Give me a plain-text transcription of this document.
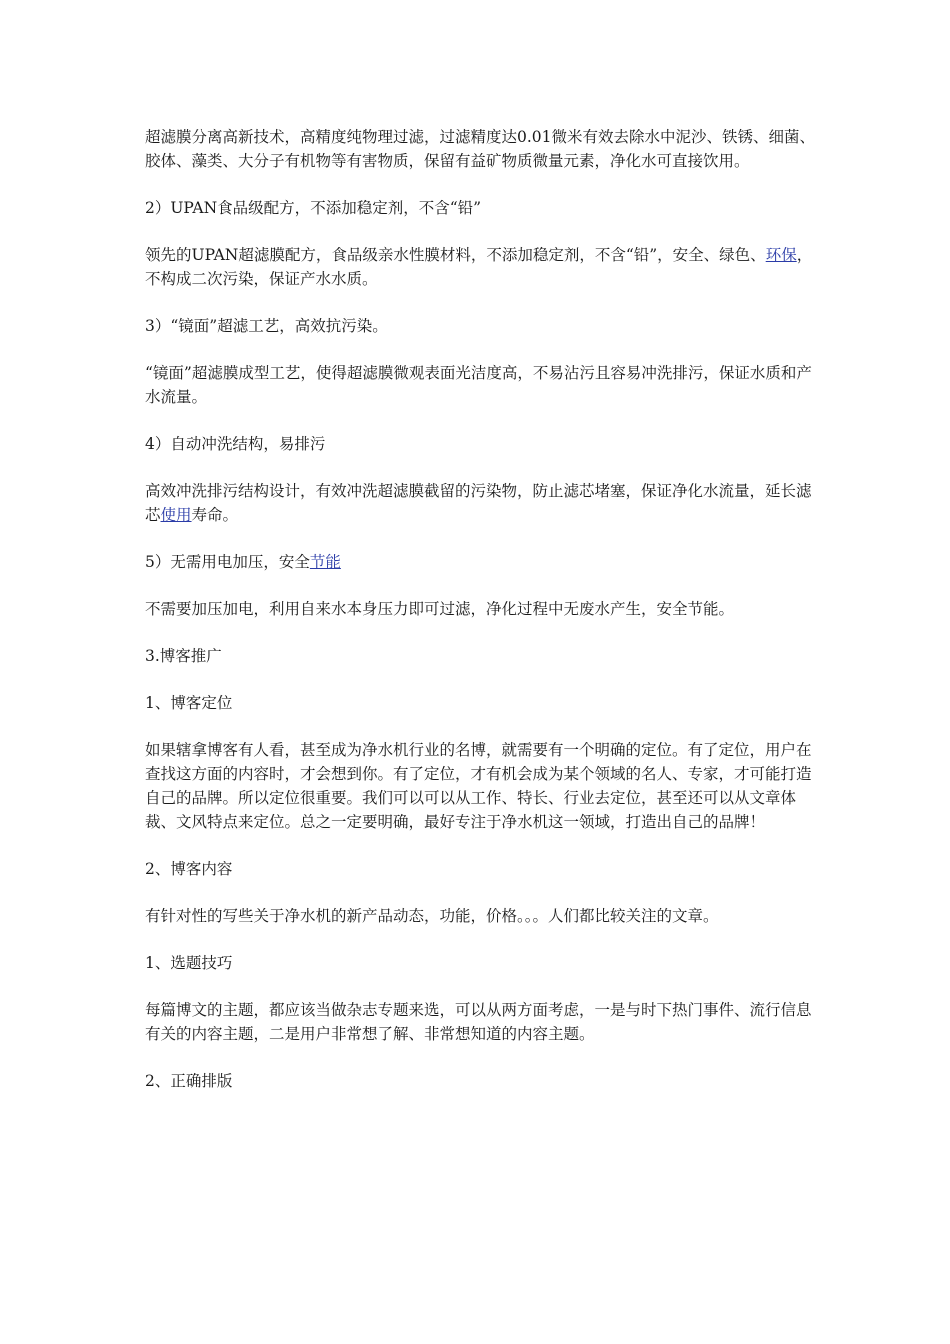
超滤膜分离高新技术，高精度纯物理过滤，过滤精度达0.01微米有效去除水中泥沙、铁锈、细菌、胶体、藻类、大分子有机物等有害物质，保留有益矿物质微量元素，净化水可直接饮用。

2）UPAN食品级配方，不添加稳定剂，不含“铅”

领先的UPAN超滤膜配方，食品级亲水性膜材料，不添加稳定剂，不含“铅”，安全、绿色、环保，不构成二次污染，保证产水水质。

3）“镜面”超滤工艺，高效抗污染。

“镜面”超滤膜成型工艺，使得超滤膜微观表面光洁度高，不易沾污且容易冲洗排污，保证水质和产水流量。

4）自动冲洗结构，易排污

高效冲洗排污结构设计，有效冲洗超滤膜截留的污染物，防止滤芯堵塞，保证净化水流量，延长滤芯使用寿命。

5）无需用电加压，安全节能

不需要加压加电，利用自来水本身压力即可过滤，净化过程中无废水产生，安全节能。

3.博客推广

1、博客定位

如果辖拿博客有人看，甚至成为净水机行业的名博，就需要有一个明确的定位。有了定位，用户在查找这方面的内容时，才会想到你。有了定位，才有机会成为某个领域的名人、专家，才可能打造自己的品牌。所以定位很重要。我们可以可以从工作、特长、行业去定位，甚至还可以从文章体裁、文风特点来定位。总之一定要明确，最好专注于净水机这一领域，打造出自己的品牌！

2、博客内容

有针对性的写些关于净水机的新产品动态，功能，价格。。。人们都比较关注的文章。

1、选题技巧

每篇博文的主题，都应该当做杂志专题来选，可以从两方面考虑，一是与时下热门事件、流行信息有关的内容主题，二是用户非常想了解、非常想知道的内容主题。

2、正确排版
